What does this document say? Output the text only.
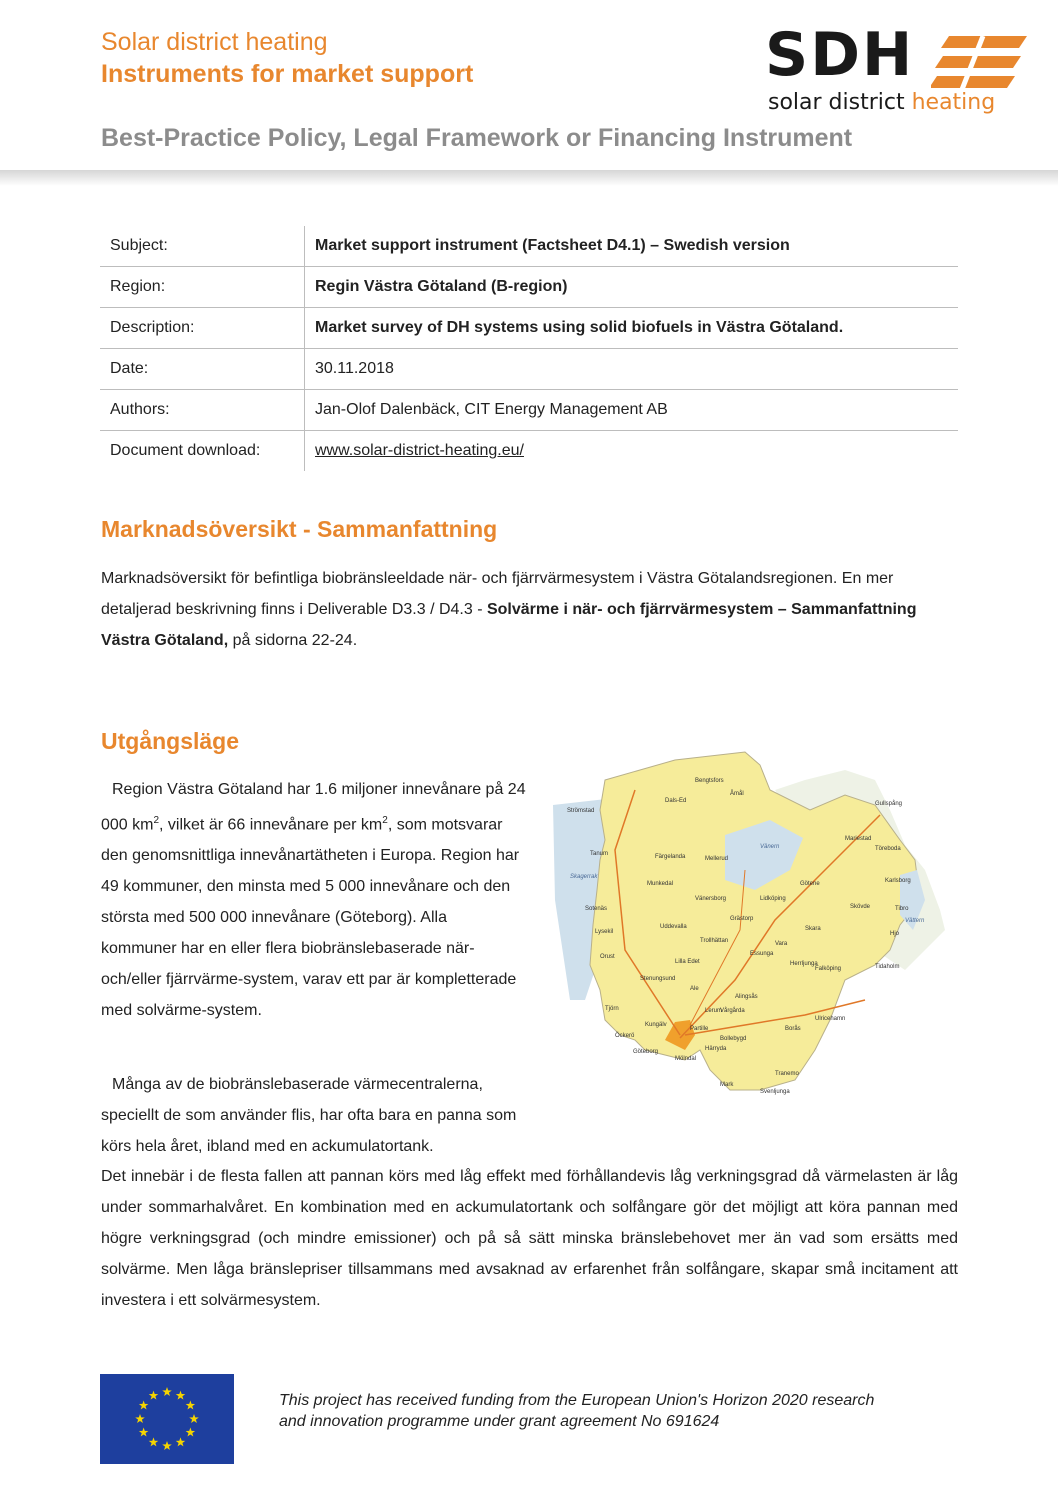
Solar district heating
Instruments for market support	SDH
solar district heating
Best-Practice Policy, Legal Framework or Financing Instrument
Subject:	Market support instrument (Factsheet D4.1) – Swedish version
Region:	Regin Västra Götaland (B-region)
Description:	Market survey of DH systems using solid biofuels in Västra Götaland.
Date:	30.11.2018
Authors:	Jan-Olof Dalenbäck, CIT Energy Management AB
Document download:	www.solar-district-heating.eu/
Marknadsöversikt - Sammanfattning

Marknadsöversikt för befintliga biobränsleeldade när- och fjärrvärmesystem i Västra Götalandsregionen. En mer detaljerad beskrivning finns i Deliverable D3.3 / D4.3 - Solvärme i när- och fjärrvärmesystem – Sammanfattning Västra Götaland, på sidorna 22-24.

Utgångsläge

Region Västra Götaland har 1.6 miljoner innevånare på 24 000 $km^2$, vilket är 66 innevånare per $km^2$, som motsvarar den genomsnittliga innevånartätheten i Europa. Region har 49 kommuner, den minsta med 5 000 innevånare och den största med 500 000 innevånare (Göteborg). Alla kommuner har en eller flera biobränslebaserade när- och/eller fjärrvärme-system, varav ett par är kompletterade med solvärme-system.

Många av de biobränslebaserade värmecentralerna, speciellt de som använder flis, har ofta bara en panna som körs hela året, ibland med en ackumulatortank.

Det innebär i de flesta fallen att pannan körs med låg effekt med förhållandevis låg verkningsgrad då värmelasten är låg under sommarhalvåret. En kombination med en ackumulatortank och solfångare gör det möjligt att köra pannan med högre verkningsgrad (och mindre emissioner) och på så sätt minska bränslebehovet mer än vad som ersätts med solvärme. Men låga bränslepriser tillsammans med avsaknad av erfarenhet från solfångare, skapar små incitament att investera i ett solvärmesystem.

Bengtsfors
Åmål
Dals-Ed
Strömstad
Gullspång
Tanum	Färgelanda	Mellerud
Vänern
Mariestad
Töreboda
Skagerrak
Munkedal	Götene	Karlsborg
Vänersborg	Lidköping
Sotenäs
Grästorp
Skövde	Tibro
Lysekil
Uddevalla
Trollhättan
Skara
Hjo
Vättern
Orust	Essunga
Vara
Lilla Edet
Stenungsund
Herrljunga
Falköping	Tidaholm
Tjörn
Ale
Alingsås
Kungälv
Lerum
Vårgårda
Ulricehamn
Öckerö
Partille
Bollebygd
Borås
Göteborg
Mölndal
Härryda
Mark
Tranemo
Svenljunga
This project has received funding from the European Union's Horizon 2020 research
and innovation programme under grant agreement No 691624
